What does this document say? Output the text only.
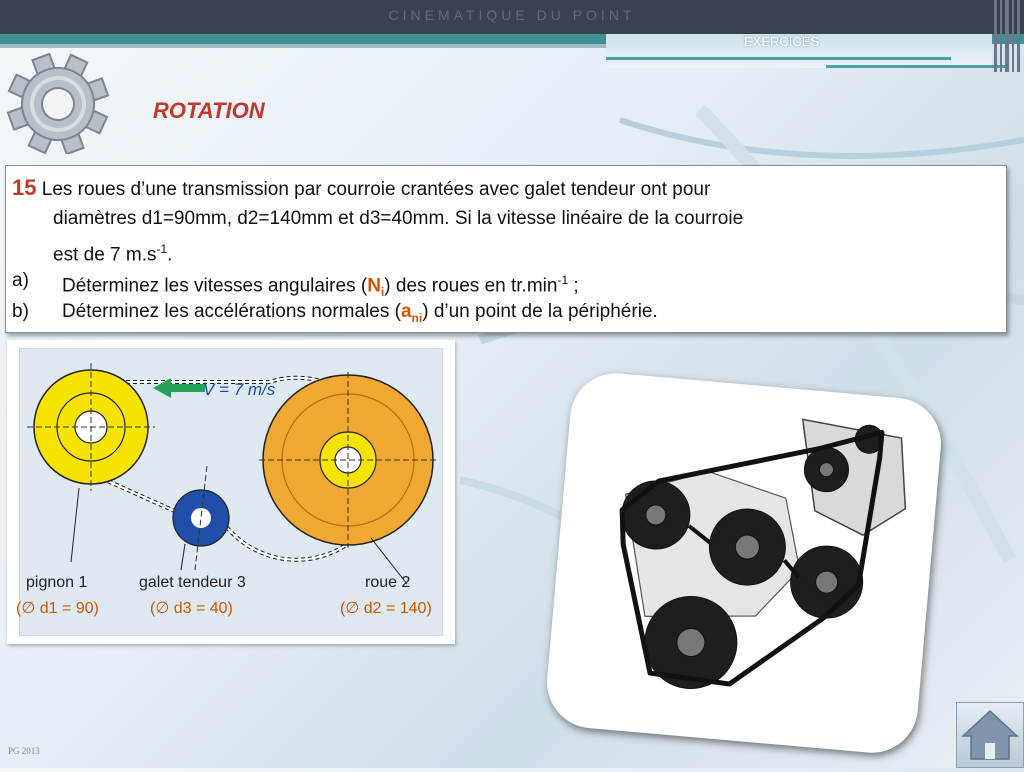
CINEMATIQUE DU POINT
EXERCICES
ROTATION

15 Les roues d’une transmission par courroie crantées avec galet tendeur ont pour

diamètres d1=90mm, d2=140mm et d3=40mm. Si la vitesse linéaire de la courroie

est de 7 $m.s^{-1}$.

a) Déterminez les vitesses angulaires $(N_i)$ des roues en $tr.\min^{-1}$ ;

b) Déterminez les accélérations normales $(a_{ni})$ d’un point de la périphérie.

V = 7 m/s
pignon 1
(∅ d1 = 90)
galet tendeur 3
(∅ d3 = 40)
roue 2
(∅ d2 = 140)
PG 2013
